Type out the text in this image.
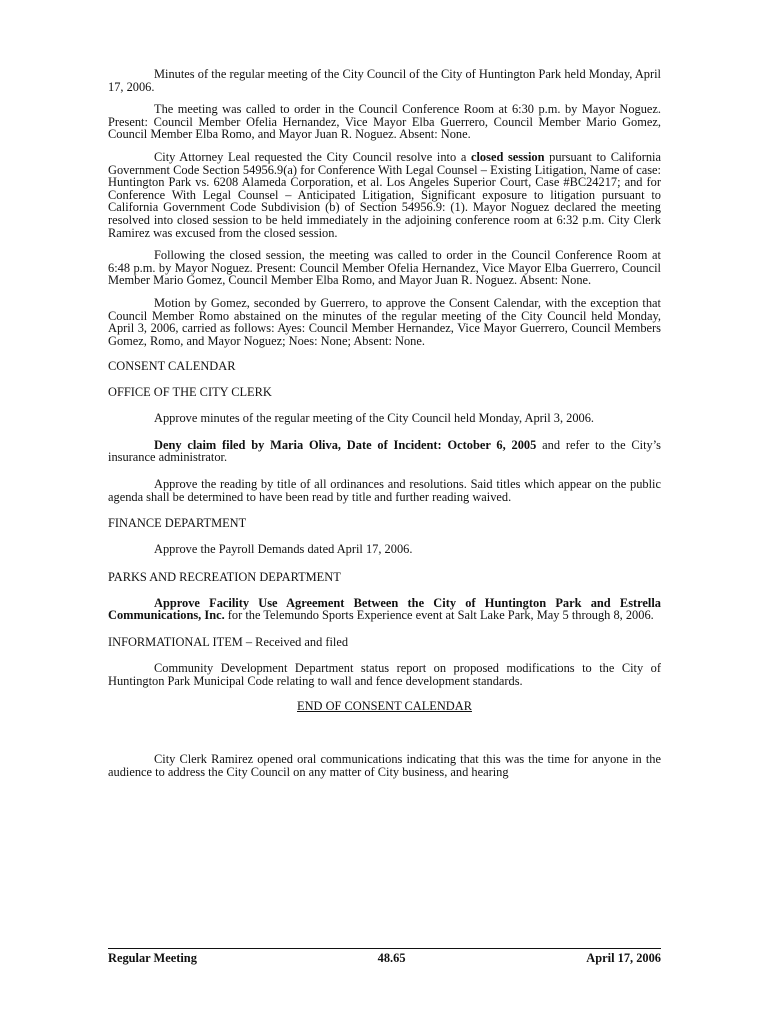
Minutes of the regular meeting of the City Council of the City of Huntington Park held Monday, April 17, 2006.

The meeting was called to order in the Council Conference Room at 6:30 p.m. by Mayor Noguez. Present: Council Member Ofelia Hernandez, Vice Mayor Elba Guerrero, Council Member Mario Gomez, Council Member Elba Romo, and Mayor Juan R. Noguez. Absent: None.

City Attorney Leal requested the City Council resolve into a closed session pursuant to California Government Code Section 54956.9(a) for Conference With Legal Counsel – Existing Litigation, Name of case: Huntington Park vs. 6208 Alameda Corporation, et al. Los Angeles Superior Court, Case #BC24217; and for Conference With Legal Counsel – Anticipated Litigation, Significant exposure to litigation pursuant to California Government Code Subdivision (b) of Section 54956.9: (1). Mayor Noguez declared the meeting resolved into closed session to be held immediately in the adjoining conference room at 6:32 p.m. City Clerk Ramirez was excused from the closed session.

Following the closed session, the meeting was called to order in the Council Conference Room at 6:48 p.m. by Mayor Noguez. Present: Council Member Ofelia Hernandez, Vice Mayor Elba Guerrero, Council Member Mario Gomez, Council Member Elba Romo, and Mayor Juan R. Noguez. Absent: None.

Motion by Gomez, seconded by Guerrero, to approve the Consent Calendar, with the exception that Council Member Romo abstained on the minutes of the regular meeting of the City Council held Monday, April 3, 2006, carried as follows: Ayes: Council Member Hernandez, Vice Mayor Guerrero, Council Members Gomez, Romo, and Mayor Noguez; Noes: None; Absent: None.

CONSENT CALENDAR

OFFICE OF THE CITY CLERK

Approve minutes of the regular meeting of the City Council held Monday, April 3, 2006.

Deny claim filed by Maria Oliva, Date of Incident: October 6, 2005 and refer to the City’s insurance administrator.

Approve the reading by title of all ordinances and resolutions. Said titles which appear on the public agenda shall be determined to have been read by title and further reading waived.

FINANCE DEPARTMENT

Approve the Payroll Demands dated April 17, 2006.

PARKS AND RECREATION DEPARTMENT

Approve Facility Use Agreement Between the City of Huntington Park and Estrella Communications, Inc. for the Telemundo Sports Experience event at Salt Lake Park, May 5 through 8, 2006.

INFORMATIONAL ITEM – Received and filed

Community Development Department status report on proposed modifications to the City of Huntington Park Municipal Code relating to wall and fence development standards.

END OF CONSENT CALENDAR

City Clerk Ramirez opened oral communications indicating that this was the time for anyone in the audience to address the City Council on any matter of City business, and hearing

Regular Meeting	48.65	April 17, 2006
